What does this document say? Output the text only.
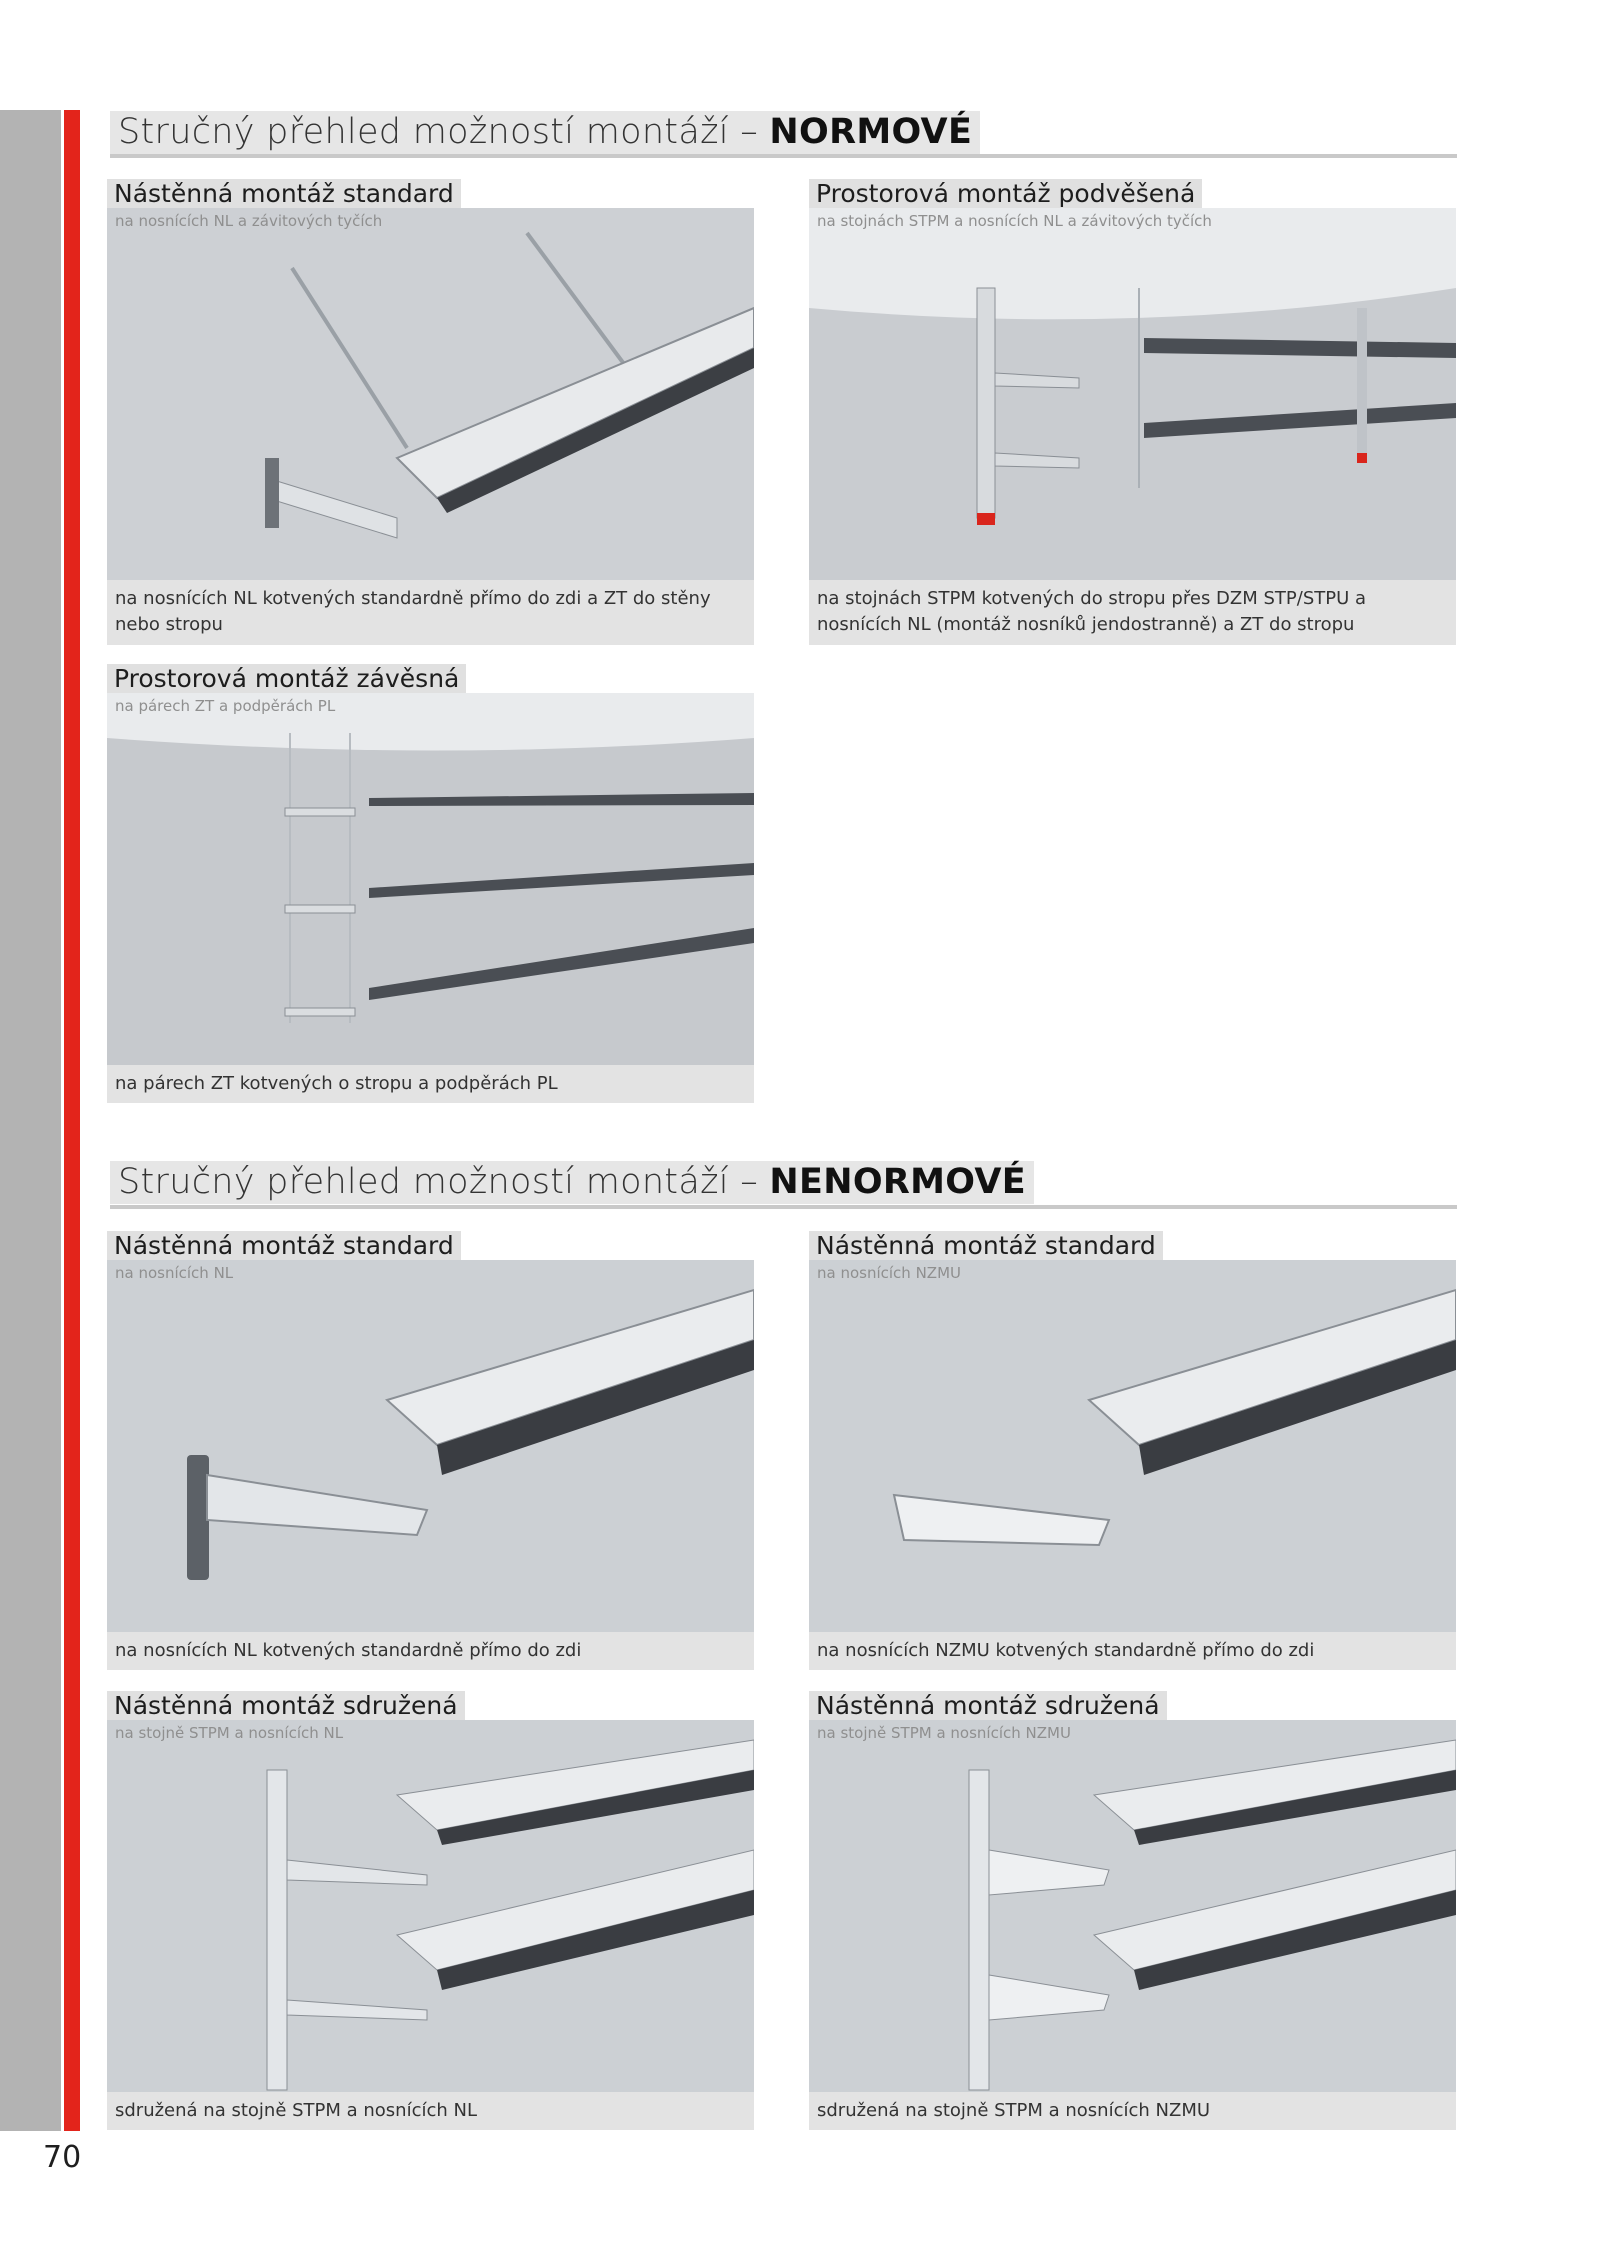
Stručný přehled možností montáží – NORMOVÉ
Nástěnná montáž standard
na nosnících NL a závitových tyčích
na nosnících NL kotvených standardně přímo do zdi a ZT do stěny nebo stropu
Prostorová montáž podvěšená
na stojnách STPM a nosnících NL a závitových tyčích
na stojnách STPM kotvených do stropu přes DZM STP/STPU a nosnících NL (montáž nosníků jendostranně) a ZT do stropu
Prostorová montáž závěsná
na párech ZT a podpěrách PL
na párech ZT kotvených o stropu a podpěrách PL
Stručný přehled možností montáží – NENORMOVÉ
Nástěnná montáž standard
na nosnících NL
na nosnících NL kotvených standardně přímo do zdi
Nástěnná montáž standard
na nosnících NZMU
na nosnících NZMU kotvených standardně přímo do zdi
Nástěnná montáž sdružená
na stojně STPM a nosnících NL
sdružená na stojně STPM a nosnících NL
Nástěnná montáž sdružená
na stojně STPM a nosnících NZMU
sdružená na stojně STPM a nosnících NZMU
70
